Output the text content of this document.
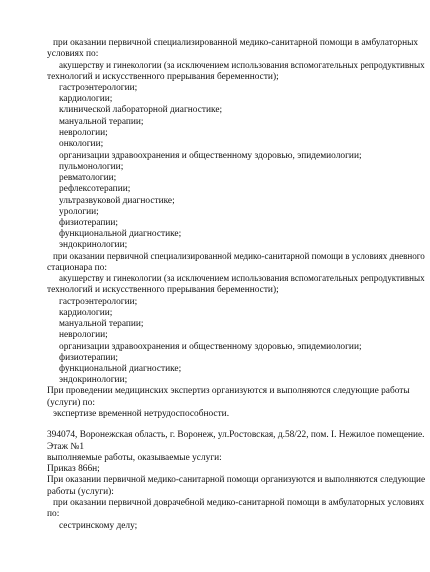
при оказании первичной специализированной медико-санитарной помощи в амбулаторных
условиях по:
акушерству и гинекологии (за исключением использования вспомогательных репродуктивных
технологий и искусственного прерывания беременности);
гастроэнтерологии;
кардиологии;
клинической лабораторной диагностике;
мануальной терапии;
неврологии;
онкологии;
организации здравоохранения и общественному здоровью, эпидемиологии;
пульмонологии;
ревматологии;
рефлексотерапии;
ультразвуковой диагностике;
урологии;
физиотерапии;
функциональной диагностике;
эндокринологии;
при оказании первичной специализированной медико-санитарной помощи в условиях дневного
стационара по:
акушерству и гинекологии (за исключением использования вспомогательных репродуктивных
технологий и искусственного прерывания беременности);
гастроэнтерологии;
кардиологии;
мануальной терапии;
неврологии;
организации здравоохранения и общественному здоровью, эпидемиологии;
физиотерапии;
функциональной диагностике;
эндокринологии;
При проведении медицинских экспертиз организуются и выполняются следующие работы
(услуги) по:
экспертизе временной нетрудоспособности.
394074, Воронежская область, г. Воронеж, ул.Ростовская, д.58/22, пом. I. Нежилое помещение.
Этаж №1
выполняемые работы, оказываемые услуги:
Приказ 866н;
При оказании первичной медико-санитарной помощи организуются и выполняются следующие
работы (услуги):
при оказании первичной доврачебной медико-санитарной помощи в амбулаторных условиях
по:
сестринскому делу;
